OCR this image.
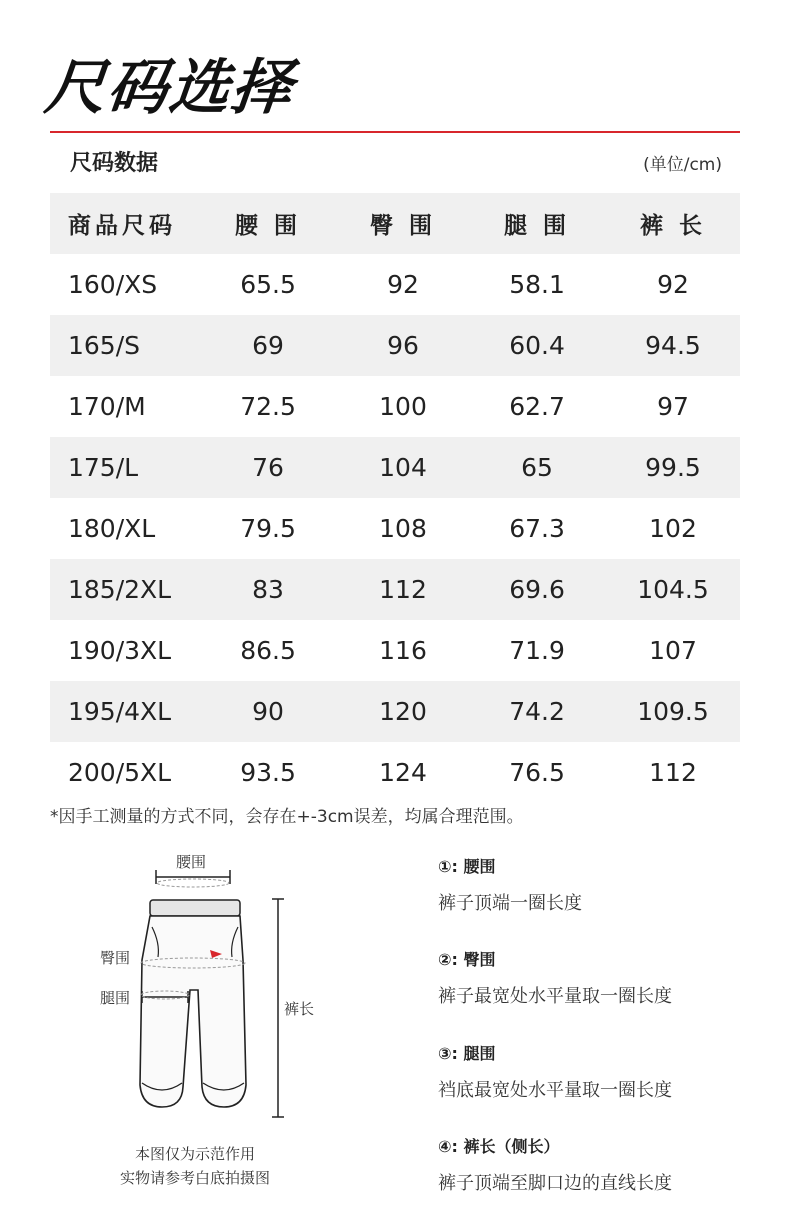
尺码选择
尺码数据	(单位/cm)
商品尺码	腰 围	臀 围	腿 围	裤 长
160/XS	65.5	92	58.1	92
165/S	69	96	60.4	94.5
170/M	72.5	100	62.7	97
175/L	76	104	65	99.5
180/XL	79.5	108	67.3	102
185/2XL	83	112	69.6	104.5
190/3XL	86.5	116	71.9	107
195/4XL	90	120	74.2	109.5
200/5XL	93.5	124	76.5	112
*因手工测量的方式不同，会存在+-3cm误差，均属合理范围。
腰围
臀围
腿围
裤长
本图仅为示范作用
实物请参考白底拍摄图
①: 腰围
裤子顶端一圈长度
②: 臀围
裤子最宽处水平量取一圈长度
③: 腿围
裆底最宽处水平量取一圈长度
④: 裤长（侧长）
裤子顶端至脚口边的直线长度
